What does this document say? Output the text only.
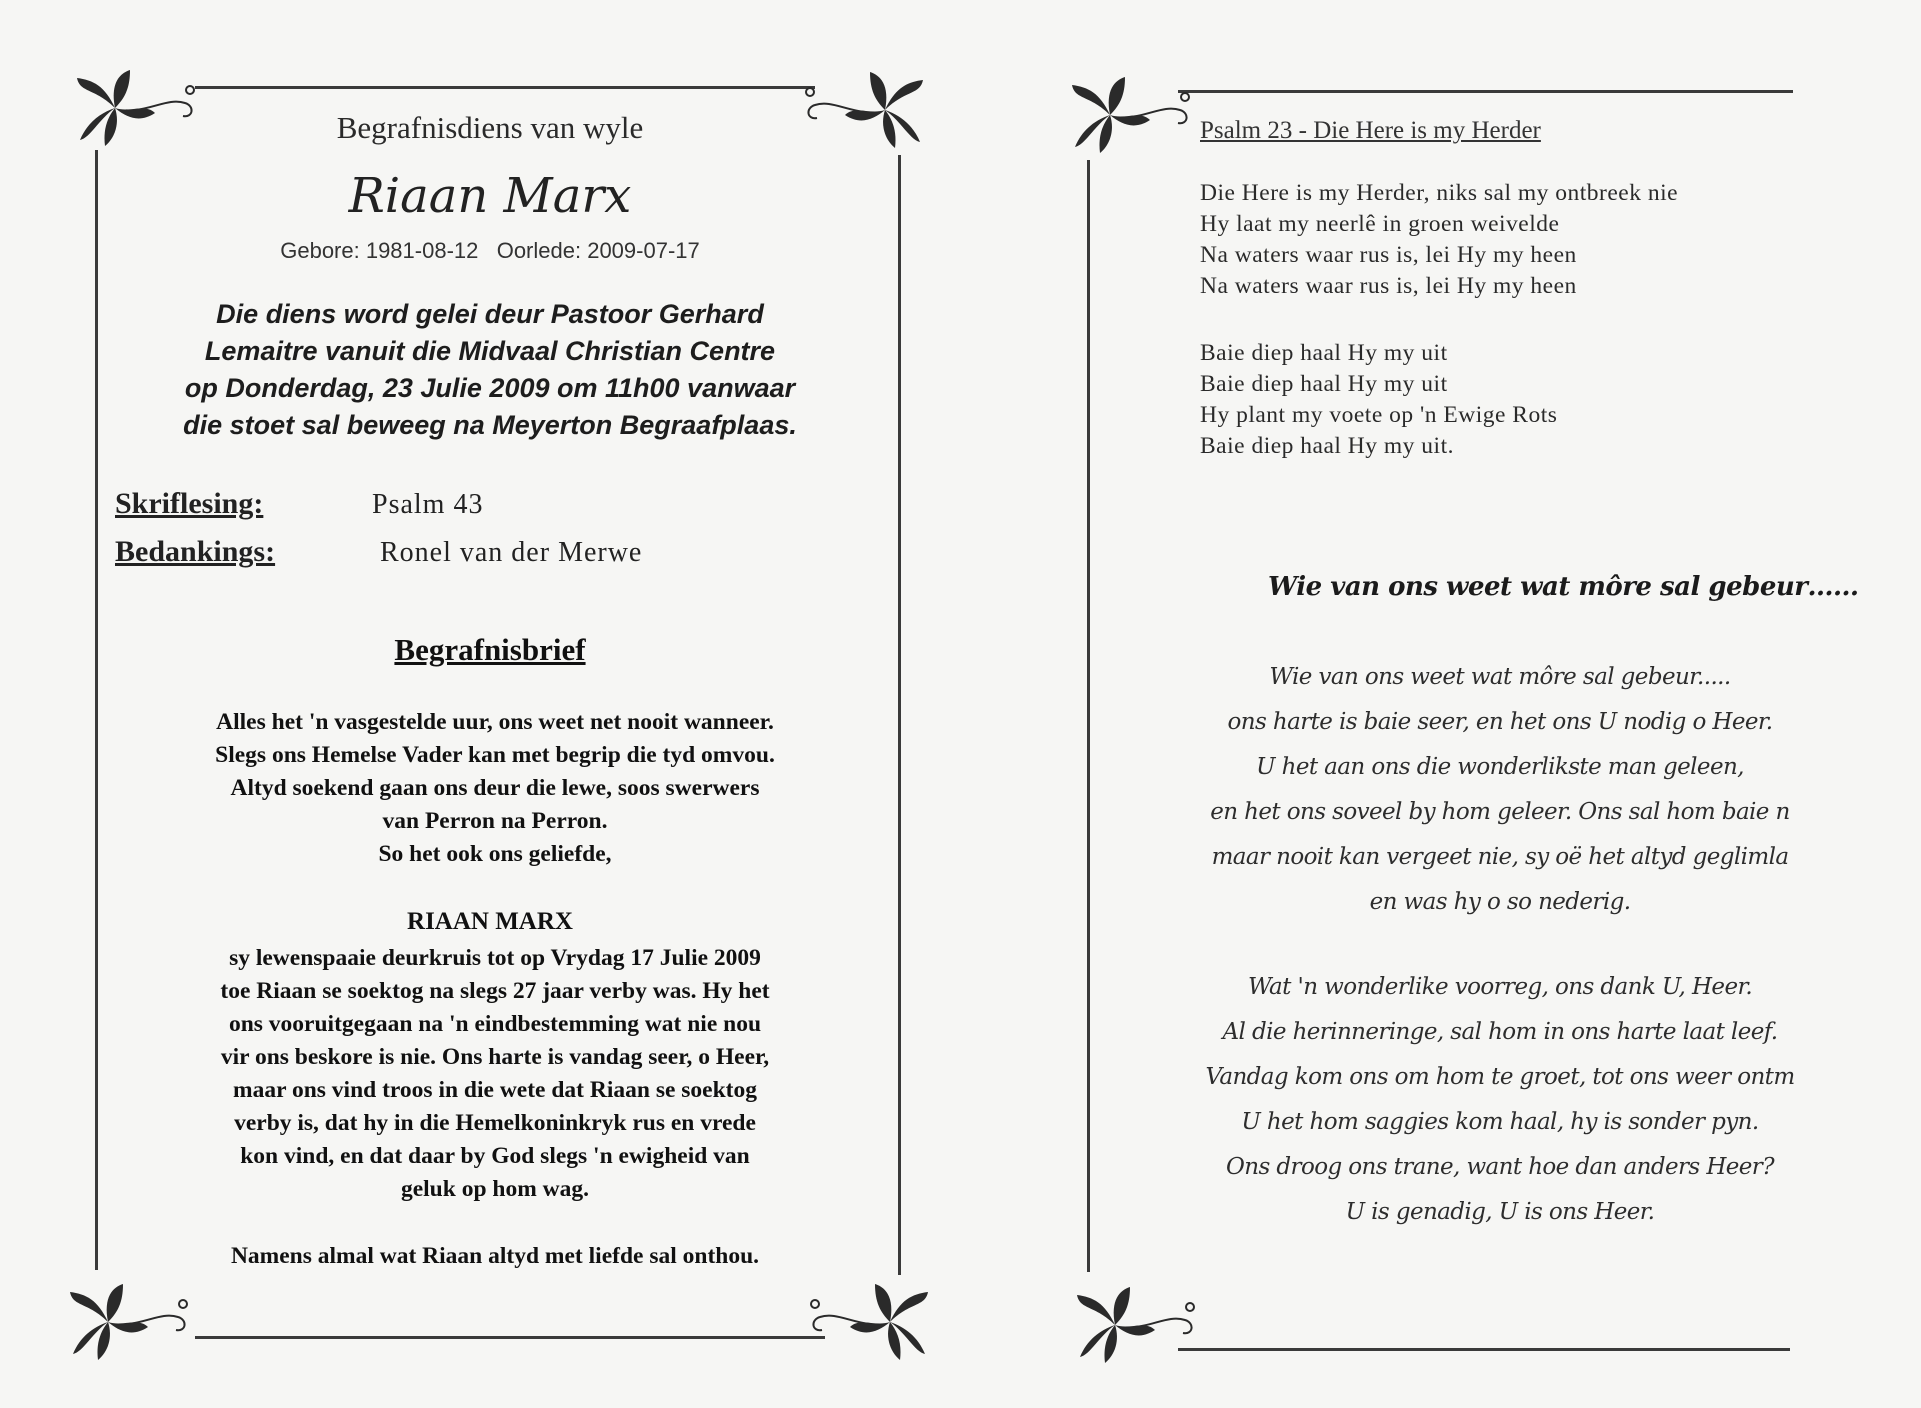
Begrafnisdiens van wyle
Riaan Marx
Gebore: 1981-08-12   Oorlede: 2009-07-17
Die diens word gelei deur Pastoor Gerhard
Lemaitre vanuit die Midvaal Christian Centre
op Donderdag, 23 Julie 2009 om 11h00 vanwaar
die stoet sal beweeg na Meyerton Begraafplaas.
Skriflesing:	Psalm 43
Bedankings:	Ronel van der Merwe
Begrafnisbrief
Alles het 'n vasgestelde uur, ons weet net nooit wanneer.
Slegs ons Hemelse Vader kan met begrip die tyd omvou.
Altyd soekend gaan ons deur die lewe, soos swerwers
van Perron na Perron.
So het ook ons geliefde,
RIAAN MARX
sy lewenspaaie deurkruis tot op Vrydag 17 Julie 2009
toe Riaan se soektog na slegs 27 jaar verby was. Hy het
ons vooruitgegaan na 'n eindbestemming wat nie nou
vir ons beskore is nie. Ons harte is vandag seer, o Heer,
maar ons vind troos in die wete dat Riaan se soektog
verby is, dat hy in die Hemelkoninkryk rus en vrede
kon vind, en dat daar by God slegs 'n ewigheid van
geluk op hom wag.
Namens almal wat Riaan altyd met liefde sal onthou.
Psalm 23 - Die Here is my Herder
Die Here is my Herder, niks sal my ontbreek nie
Hy laat my neerlê in groen weivelde
Na waters waar rus is, lei Hy my heen
Na waters waar rus is, lei Hy my heen
Baie diep haal Hy my uit
Baie diep haal Hy my uit
Hy plant my voete op 'n Ewige Rots
Baie diep haal Hy my uit.
Wie van ons weet wat môre sal gebeur……
Wie van ons weet wat môre sal gebeur.....
ons harte is baie seer, en het ons U nodig o Heer.
U het aan ons die wonderlikste man geleen,
en het ons soveel by hom geleer. Ons sal hom baie n
maar nooit kan vergeet nie, sy oë het altyd geglimla
en was hy o so nederig.
Wat 'n wonderlike voorreg, ons dank U, Heer.
Al die herinneringe, sal hom in ons harte laat leef.
Vandag kom ons om hom te groet, tot ons weer ontm
U het hom saggies kom haal, hy is sonder pyn.
Ons droog ons trane, want hoe dan anders Heer?
U is genadig, U is ons Heer.
